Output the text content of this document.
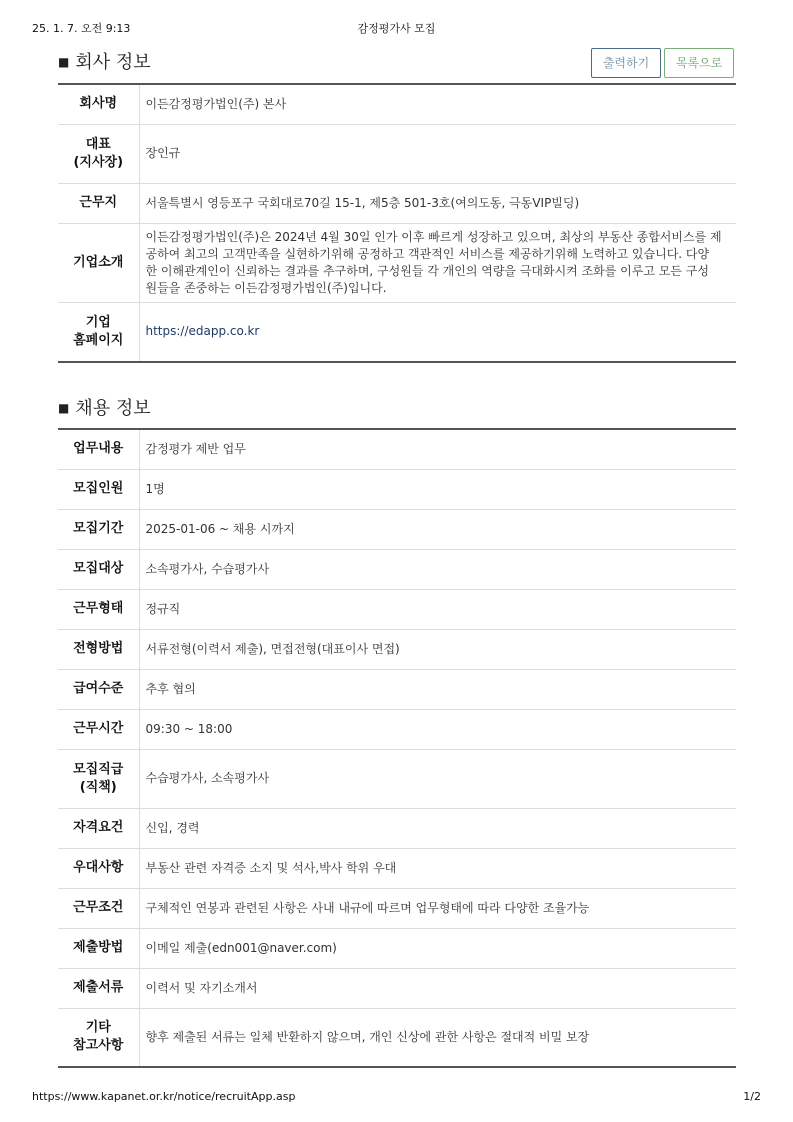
25. 1. 7. 오전 9:13	감정평가사 모집
■ 회사 정보	출력하기	목록으로
회사명	이든감정평가법인(주) 본사

대표
(지사장)	장인규
근무지	서울특별시 영등포구 국회대로70길 15-1, 제5층 501-3호(여의도동, 극동VIP빌딩)
기업소개	이든감정평가법인(주)은 2024년 4월 30일 인가 이후 빠르게 성장하고 있으며, 최상의 부동산 종합서비스를 제
공하여 최고의 고객만족을 실현하기위해 공정하고 객관적인 서비스를 제공하기위해 노력하고 있습니다. 다양
한 이해관계인이 신뢰하는 결과를 추구하며, 구성원들 각 개인의 역량을 극대화시켜 조화를 이루고 모든 구성
원들을 존중하는 이든감정평가법인(주)입니다.

기업
홈페이지	https://edapp.co.kr
■ 채용 정보
업무내용	감정평가 제반 업무
모집인원	1명
모집기간	2025-01-06 ~ 채용 시까지
모집대상	소속평가사, 수습평가사
근무형태	정규직
전형방법	서류전형(이력서 제출), 면접전형(대표이사 면접)
급여수준	추후 협의
근무시간	09:30 ~ 18:00

모집직급
(직책)	수습평가사, 소속평가사
자격요건	신입, 경력
우대사항	부동산 관련 자격증 소지 및 석사,박사 학위 우대
근무조건	구체적인 연봉과 관련된 사항은 사내 내규에 따르며 업무형태에 따라 다양한 조율가능
제출방법	이메일 제출(edn001@naver.com)
제출서류	이력서 및 자기소개서

기타
참고사항	향후 제출된 서류는 일체 반환하지 않으며, 개인 신상에 관한 사항은 절대적 비밀 보장
https://www.kapanet.or.kr/notice/recruitApp.asp	1/2
